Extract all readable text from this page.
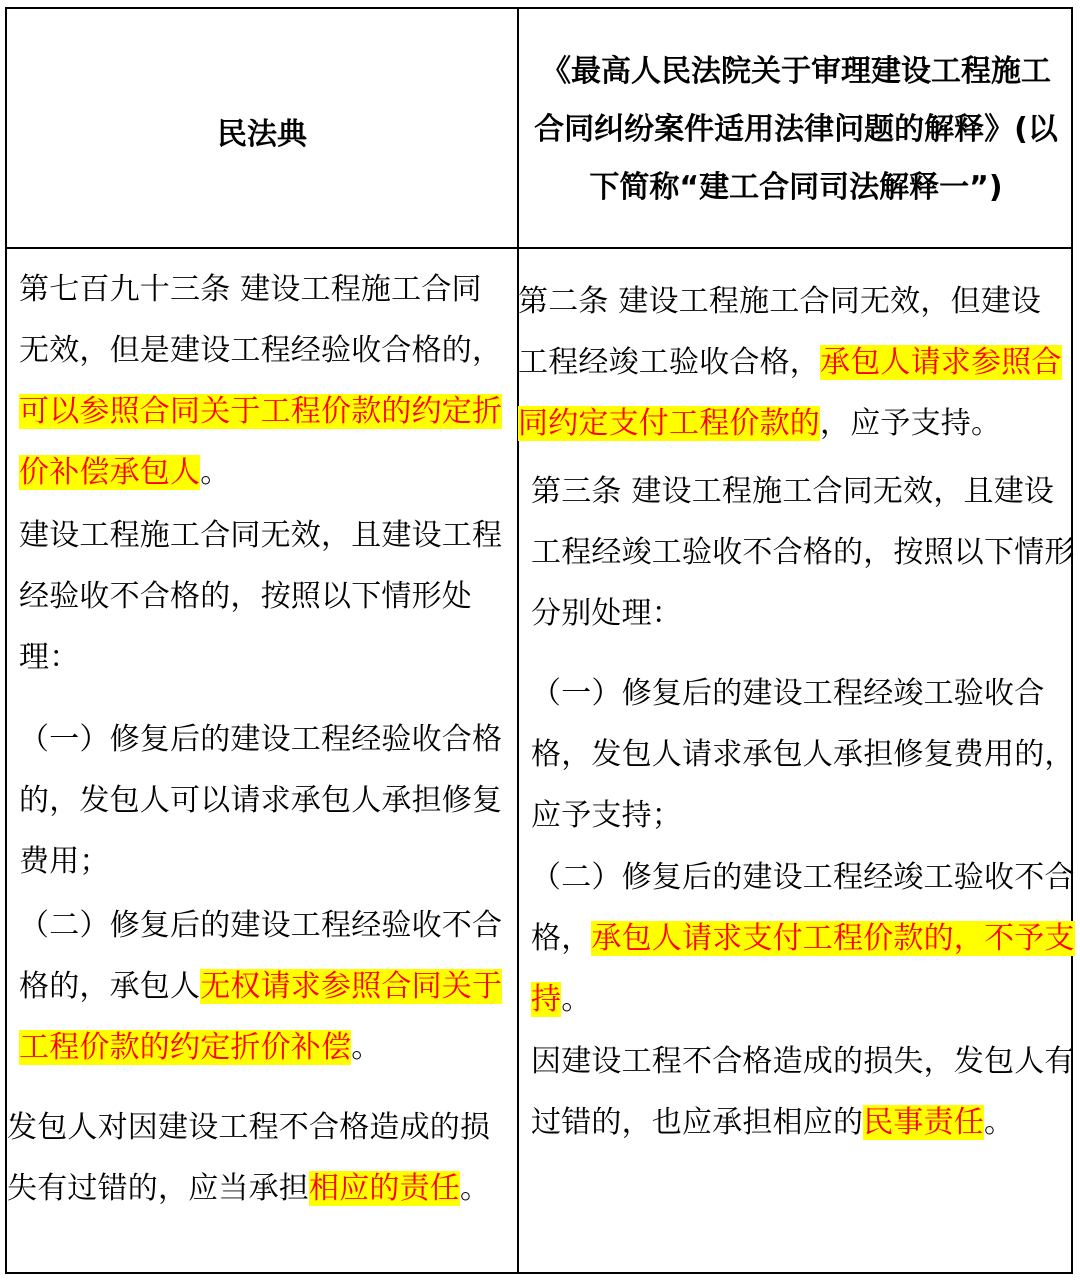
民法典
《最高人民法院关于审理建设工程施工
合同纠纷案件适用法律问题的解释》(以
下简称“建工合同司法解释一”)

第七百九十三条 建设工程施工合同无效，但是建设工程经验收合格的，可以参照合同关于工程价款的约定折价补偿承包人。

建设工程施工合同无效，且建设工程经验收不合格的，按照以下情形处理：

（一）修复后的建设工程经验收合格的，发包人可以请求承包人承担修复费用；

（二）修复后的建设工程经验收不合格的，承包人无权请求参照合同关于工程价款的约定折价补偿。

发包人对因建设工程不合格造成的损失有过错的，应当承担相应的责任。

第二条 建设工程施工合同无效，但建设工程经竣工验收合格，承包人请求参照合同约定支付工程价款的，应予支持。

第三条 建设工程施工合同无效，且建设工程经竣工验收不合格的，按照以下情形分别处理：

（一）修复后的建设工程经竣工验收合格，发包人请求承包人承担修复费用的，应予支持；

（二）修复后的建设工程经竣工验收不合格，承包人请求支付工程价款的，不予支持。

因建设工程不合格造成的损失，发包人有过错的，也应承担相应的民事责任。
